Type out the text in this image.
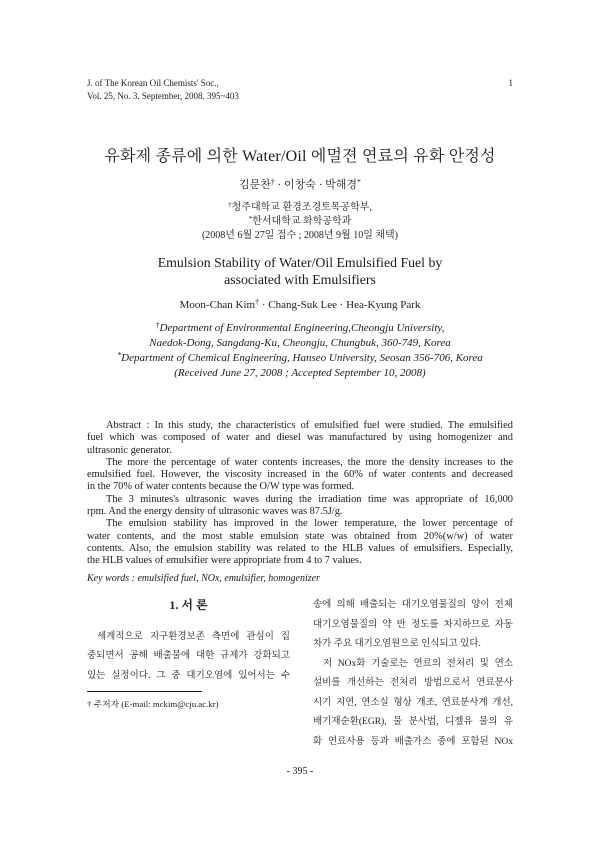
J. of The Korean Oil Chemists' Soc.,
Vol. 25, No. 3. September, 2008. 395~403
1
유화제 종류에 의한 Water/Oil 에멀젼 연료의 유화 안정성
김문찬† · 이창숙 · 박해경*
†청주대학교 환경조경토목공학부,
*한서대학교 화학공학과
(2008년 6월 27일 접수 ; 2008년 9월 10일 채택)
Emulsion Stability of Water/Oil Emulsified Fuel by
associated with Emulsifiers
Moon-Chan Kim† · Chang-Suk Lee · Hea-Kyung Park
†Department of Environmental Engineering,Cheongju University,
Naedok-Dong, Sangdang-Ku, Cheongju, Chungbuk, 360-749, Korea
*Department of Chemical Engineering, Hanseo University, Seosan 356-706, Korea
(Received June 27, 2008 ; Accepted September 10, 2008)
Abstract : In this study, the characteristics of emulsified fuel were studied. The emulsified
fuel which was composed of water and diesel was manufactured by using homogenizer and
ultrasonic generator.
The more the percentage of water contents increases, the more the density increases to the
emulsified fuel. However, the viscosity increased in the 60% of water contents and decreased
in the 70% of water contents because the O/W type was formed.
The 3 minutes's ultrasonic waves during the irradiation time was appropriate of 16,000
rpm. And the energy density of ultrasonic waves was 87.5J/g.
The emulsion stability has improved in the lower temperature, the lower percentage of
water contents, and the most stable emulsion state was obtained from 20%(w/w) of water
contents. Also, the emulsion stability was related to the HLB values of emulsifiers. Especially,
the HLB values of emulsifier were appropriate from 4 to 7 values.
Key words : emulsified fuel, NOx, emulsifier, homogenizer
1. 서 론
세계적으로 지구환경보존 측면에 관심이 집
중되면서 공해 배출물에 대한 규제가 강화되고
있는 실정이다. 그 중 대기오염에 있어서는 수
송에 의해 배출되는 대기오염물질의 양이 전체
대기오염물질의 약 반 정도를 차지하므로 자동
차가 주요 대기오염원으로 인식되고 있다.
저 NOx화 기술로는 연료의 전처리 및 연소
설비를 개선하는 전처리 방법으로서 연료분사
시기 지연, 연소실 형상 개조, 연료분사계 개선,
배기재순환(EGR), 물 분사법, 디젤유 물의 유
화 연료사용 등과 배출가스 중에 포함된 NOx
† 주저자 (E-mail: mckim@cju.ac.kr)
- 395 -
